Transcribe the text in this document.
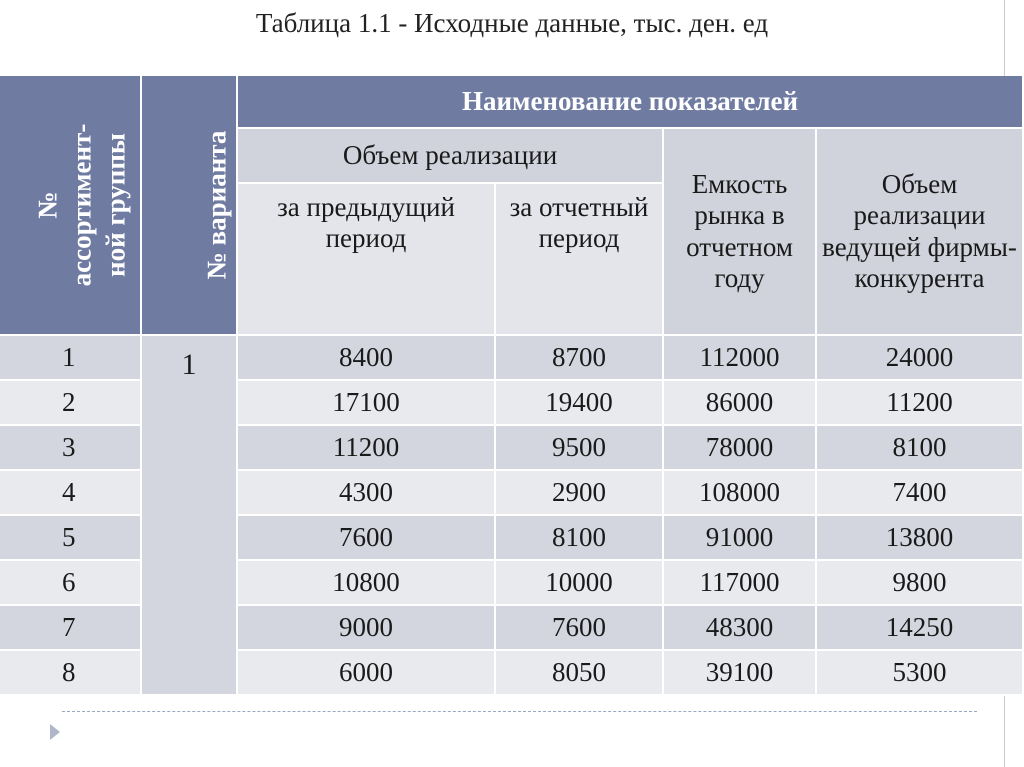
Таблица 1.1 - Исходные данные, тыс. ден. ед
№ ассортимент- ной группы	№ варианта	Наименование показателей			
		Объем реализации		Емкость рынка в отчетном году	Объем реализации ведущей фирмы-конкурента
		за предыдущий период	за отчетный период		
1	1	8400	8700	112000	24000
2		17100	19400	86000	11200
3		11200	9500	78000	8100
4		4300	2900	108000	7400
5		7600	8100	91000	13800
6		10800	10000	117000	9800
7		9000	7600	48300	14250
8		6000	8050	39100	5300
